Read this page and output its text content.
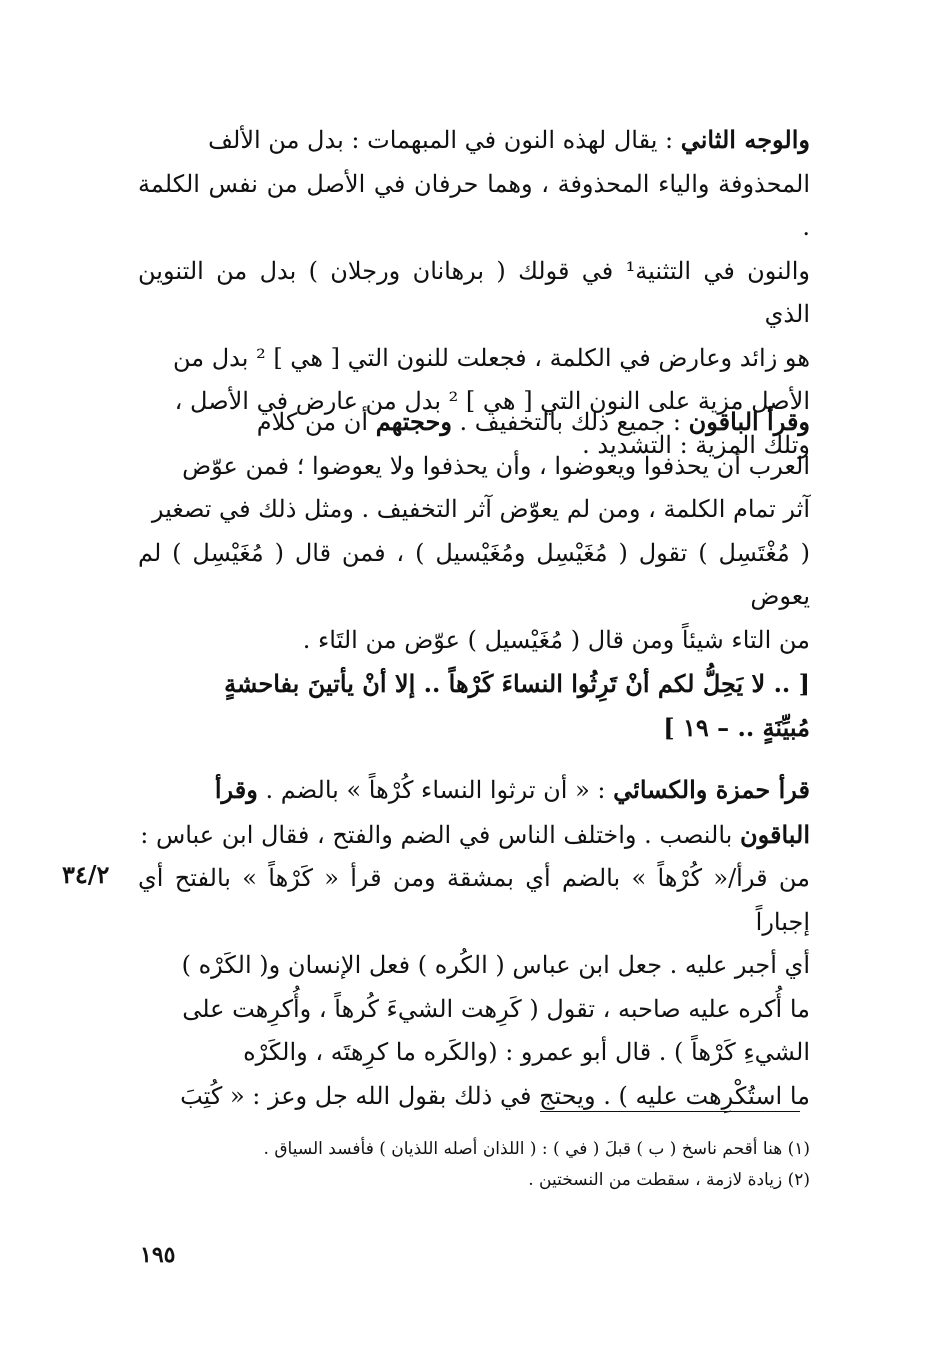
والوجه الثاني : يقال لهذه النون في المبهمات : بدل من الألف
المحذوفة والياء المحذوفة ، وهما حرفان في الأصل من نفس الكلمة .
والنون في التثنية¹ في قولك ( برهانان ورجلان ) بدل من التنوين الذي
هو زائد وعارض في الكلمة ، فجعلت للنون التي [ هي ] ² بدل من
الأصل مزية على النون التي [ هي ] ² بدل من عارض في الأصل ،
وتلك المزية : التشديد .
وقرأ الباقون : جميع ذلك بالتخفيف . وحجتهم أن من كلام
العرب أن يحذفوا ويعوضوا ، وأن يحذفوا ولا يعوضوا ؛ فمن عوّض
آثر تمام الكلمة ، ومن لم يعوّض آثر التخفيف . ومثل ذلك في تصغير
( مُغْتَسِل ) تقول ( مُغَيْسِل ومُغَيْسيل ) ، فمن قال ( مُغَيْسِل ) لم يعوض
من التاء شيئاً ومن قال ( مُغَيْسيل ) عوّض من التَاء .
[ .. لا يَحِلُّ لكم أنْ تَرِثُوا النساءَ كَرْهاً .. إلا أنْ يأتينَ بفاحشةٍ
مُبيِّنَةٍ .. – ١٩ ]
قرأ حمزة والكسائي : « أن ترثوا النساء كُرْهاً » بالضم . وقرأ
الباقون بالنصب . واختلف الناس في الضم والفتح ، فقال ابن عباس :
من قرأ/« كُرْهاً » بالضم أي بمشقة ومن قرأ « كَرْهاً » بالفتح أي إجباراً
أي أجبر عليه . جعل ابن عباس ( الكُره ) فعل الإنسان و( الكَرْه )
ما أُكره عليه صاحبه ، تقول ( كَرِهت الشيءَ كُرهاً ، وأُكرِهت على
الشيءِ كَرْهاً ) . قال أبو عمرو : (والكَره ما كرِهتَه ، والكَرْه
ما استُكْرِهت عليه ) . ويحتج في ذلك بقول الله جل وعز : « كُتِبَ
٣٤/٢
(١) هنا أقحم ناسخ ( ب ) قبلَ ( في ) : ( اللذان أصله اللذيان ) فأفسد السياق .
(٢) زيادة لازمة ، سقطت من النسختين .
١٩٥
